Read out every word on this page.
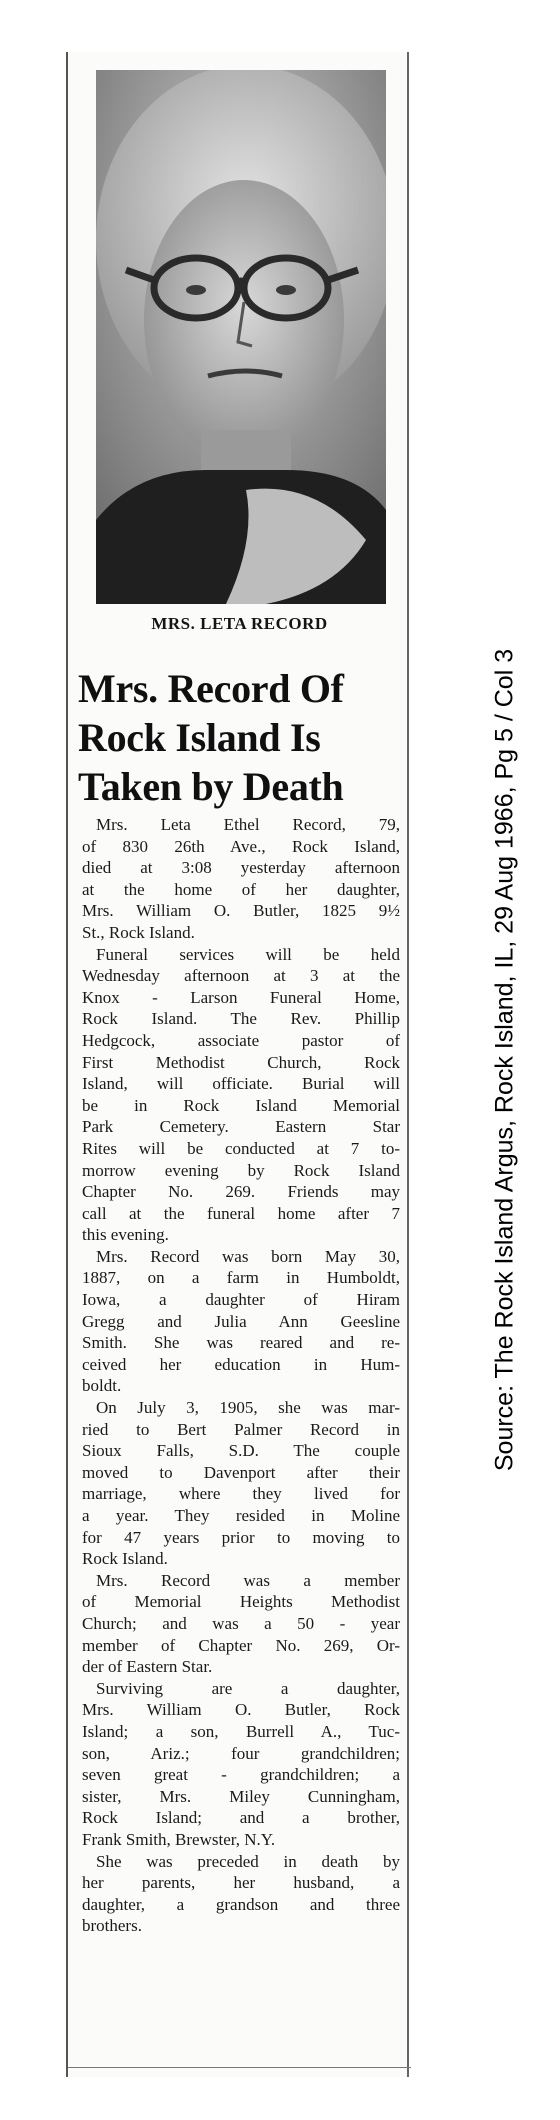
MRS. LETA RECORD
Mrs. Record Of
Rock Island Is
Taken by Death

Mrs. Leta Ethel Record, 79,
of 830 26th Ave., Rock Island,
died at 3:08 yesterday afternoon
at the home of her daughter,
Mrs. William O. Butler, 1825 9½
St., Rock Island.

Funeral services will be held
Wednesday afternoon at 3 at the
Knox - Larson Funeral Home,
Rock Island. The Rev. Phillip
Hedgcock, associate pastor of
First Methodist Church, Rock
Island, will officiate. Burial will
be in Rock Island Memorial
Park Cemetery. Eastern Star
Rites will be conducted at 7 to-
morrow evening by Rock Island
Chapter No. 269. Friends may
call at the funeral home after 7
this evening.

Mrs. Record was born May 30,
1887, on a farm in Humboldt,
Iowa, a daughter of Hiram
Gregg and Julia Ann Geesline
Smith. She was reared and re-
ceived her education in Hum-
boldt.

On July 3, 1905, she was mar-
ried to Bert Palmer Record in
Sioux Falls, S.D. The couple
moved to Davenport after their
marriage, where they lived for
a year. They resided in Moline
for 47 years prior to moving to
Rock Island.

Mrs. Record was a member
of Memorial Heights Methodist
Church; and was a 50 - year
member of Chapter No. 269, Or-
der of Eastern Star.

Surviving are a daughter,
Mrs. William O. Butler, Rock
Island; a son, Burrell A., Tuc-
son, Ariz.; four grandchildren;
seven great - grandchildren; a
sister, Mrs. Miley Cunningham,
Rock Island; and a brother,
Frank Smith, Brewster, N.Y.

She was preceded in death by
her parents, her husband, a
daughter, a grandson and three
brothers.

Source: The Rock Island Argus, Rock Island, IL, 29 Aug 1966, Pg 5 / Col 3
